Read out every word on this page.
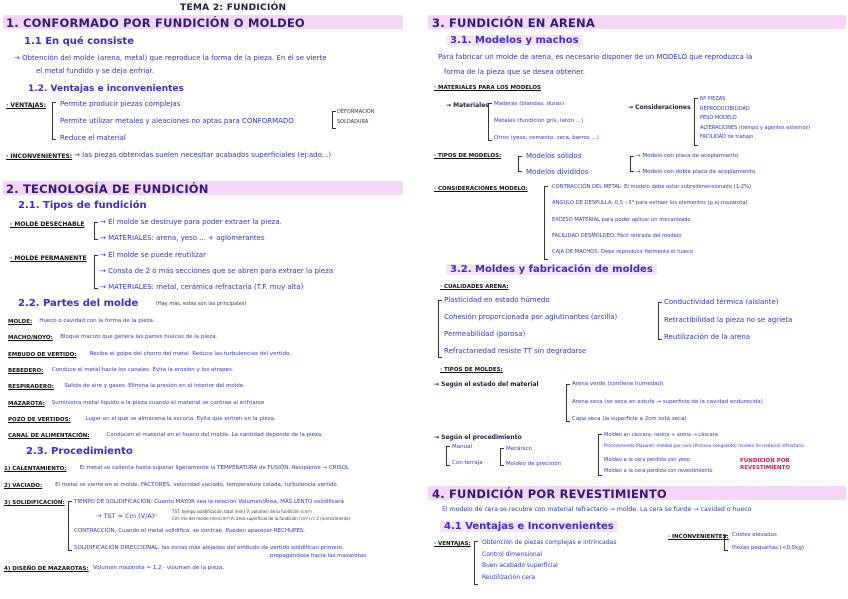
TEMA 2: FUNDICIÓN
1. CONFORMADO POR FUNDICIÓN O MOLDEO
1.1 En qué consiste
→ Obtención del molde (arena, metal) que reproduce la forma de la pieza. En él se vierte
el metal fundido y se deja enfriar.
1.2. Ventajas e inconvenientes
· VENTAJAS: Permite producir piezas complejas
Permite utilizar metales y aleaciones no aptas para CONFORMADO
DEFORMACIÓN
SOLDADURA
Reduce el material
· INCONVENIENTES: → las piezas obtenidas suelen necesitar acabados superficiales (ej:ado...)
2. TECNOLOGÍA DE FUNDICIÓN
2.1. Tipos de fundición
· MOLDE DESECHABLE → El molde se destruye para poder extraer la pieza.
→ MATERIALES: arena, yeso ... + aglomerantes
· MOLDE PERMANENTE → El molde se puede reutilizar
→ Consta de 2 o más secciones que se abren para extraer la pieza
→ MATERIALES: metal, cerámica refractaria (T.F. muy alta)
2.2. Partes del molde	(Hay más, estas son las principales)
MOLDE: Hueco o cavidad con la forma de la pieza.
MACHO/NOYO: Bloque macizo que genera las partes huecas de la pieza.
EMBUDO DE VERTIDO: Recibe el golpe del chorro del metal. Reduce las turbulencias del vertido.
BEBEDERO: Conduce el metal hacia los canales. Evita la erosión y los atrapes.
RESPIRADERO: Salida de aire y gases. Elimina la presión en el interior del molde.
MAZAROTA: Suministra metal líquido a la pieza cuando el material se contrae al enfriarse
POZO DE VERTIDOS:	Lugar en el que se almacena la escoria. Evita que entren en la pieza.
CANAL DE ALIMENTACIÓN:	Conducen el material en el hueco del molde. La cantidad depende de la pieza.
2.3. Procedimiento
1) CALENTAMIENTO: El metal se calienta hasta superar ligeramente la TEMPERATURA de FUSIÓN. Recipiente → CRISOL
2) VACIADO: El metal se vierte en el molde. FACTORES: velocidad vaciado, temperatura colada, turbulencia vertido.
3) SOLIDIFICACIÓN: TIEMPO DE SOLIDIFICACIÓN: Cuanto MAYOR sea la relación Volumen/Área, MÁS LENTO solidificará
→ TST = Cm (V/A)ⁿ
TST: tiempo solidificación total (min) V: volumen de la fundición (cm³)
Cm: cte del molde (min/cm²) A: área superficial de la fundición (cm²) n: 2 (normalmente)
CONTRACCIÓN: Cuando el metal solidifica, se contrae. Pueden aparecer RECHUPES.
SOLIDIFICACIÓN DIRECCIONAL: las zonas más alejadas del embudo de vertido solidifican primero,
propagándose hacia las mazarotas.
4) DISEÑO DE MAZAROTAS: Volumen mazarota ≈ 1,2 · volumen de la pieza.
3. FUNDICIÓN EN ARENA
3.1. Modelos y machos
Para fabricar un molde de arena, es necesario disponer de un MODELO que reproduzca la
forma de la pieza que se desea obtener.
· MATERIALES PARA LOS MODELOS
→ Materiales Maderas (blandas, duras)
Metales (fundición gris, latón ...)
Otros (yeso, cemento, cera, barros ...)
→ Consideraciones
Nº PIEZAS
REPRODUCIBILIDAD
PESO MODELO
ALTERACIONES (tiempo y agentes externos)
FACILIDAD de trabajo
· TIPOS DE MODELOS:	Modelos sólidos
Modelos divididos
→ Modelo con placa de acoplamiento
→ Modelo con doble placa de acoplamiento
· CONSIDERACIONES MODELO:	CONTRACCIÓN DEL METAL: El modelo debe estar sobredimensionado (1-2%)
ÁNGULO DE DESPULLA: 0,5 - 3° para extraer los elementos (p.ej mazarota)
EXCESO MATERIAL para poder aplicar un mecanizado
FACILIDAD DESMOLDEO: Fácil retirada del modelo
CAJA DE MACHOS: Debe reproducir fielmente el hueco
3.2. Moldes y fabricación de moldes
· CUALIDADES ARENA:
Plasticidad en estado húmedo
Cohesión proporcionada por aglutinantes (arcilla)
Permeabilidad (porosa)
Refractariedad resiste TT sin degradarse
Conductividad térmica (aislante)
Retractibilidad la pieza no se agrieta
Reutilización de la arena
· TIPOS DE MOLDES:
→ Según el estado del material	Arena verde (contiene humedad)
Arena seca (se seca en estufa → superficie de la cavidad endurecida)
Capa seca (la superficie a 2cm está seca)
→ Según el procedimiento
Manual
Con terraja
Mecánico
Moldeo de precisión
Moldeo en cáscara: resina + arena → cáscara
Procedimiento Maxwell: moldeo por cera (Proceso congelado) modelo de material refractario
Moldeo a la cera perdida con yeso
Moldeo a la cera perdida con revestimiento
FUNDICIÓN POR REVESTIMIENTO
4. FUNDICIÓN POR REVESTIMIENTO
El modelo de cera se recubre con material refractario → molde. La cera se funde → cavidad o hueco
4.1 Ventajas e Inconvenientes
· VENTAJAS: Obtención de piezas complejas e intrincadas
Control dimensional
Buen acabado superficial
Reutilización cera
· INCONVENIENTES: Costes elevados
Piezas pequeñas (<0,5kg)
